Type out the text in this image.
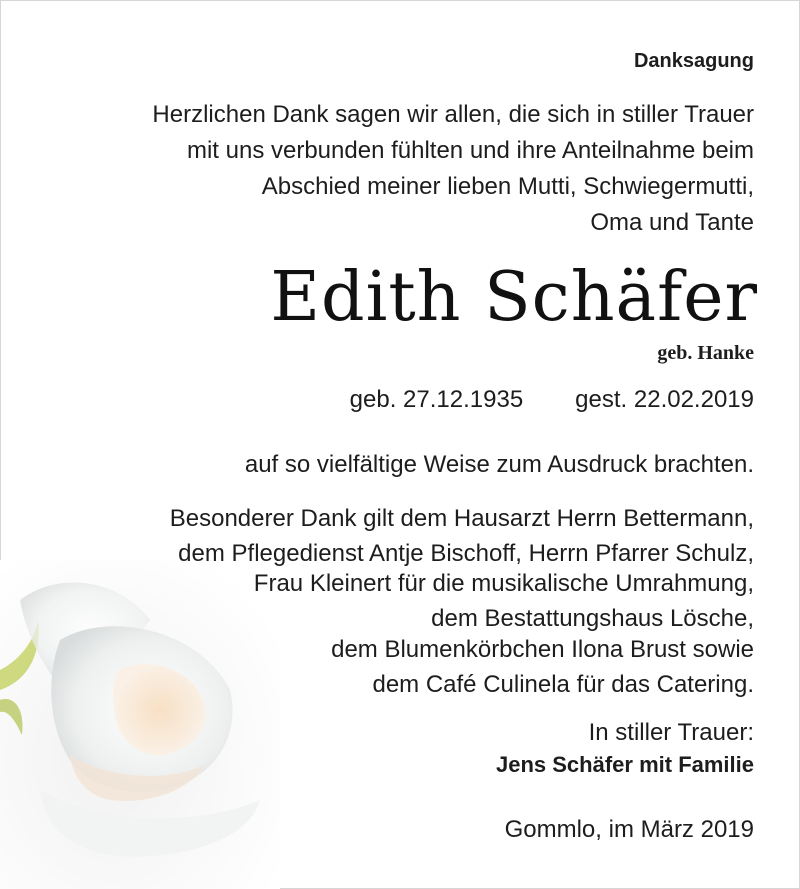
Danksagung
Herzlichen Dank sagen wir allen, die sich in stiller Trauer
mit uns verbunden fühlten und ihre Anteilnahme beim
Abschied meiner lieben Mutti, Schwiegermutti,
Oma und Tante
Edith Schäfer
geb. Hanke
geb. 27.12.1935 gest. 22.02.2019
auf so vielfältige Weise zum Ausdruck brachten.
Besonderer Dank gilt dem Hausarzt Herrn Bettermann,
dem Pflegedienst Antje Bischoff, Herrn Pfarrer Schulz,
Frau Kleinert für die musikalische Umrahmung,
dem Bestattungshaus Lösche,
dem Blumenkörbchen Ilona Brust sowie
dem Café Culinela für das Catering.
In stiller Trauer:
Jens Schäfer mit Familie
Gommlo, im März 2019
